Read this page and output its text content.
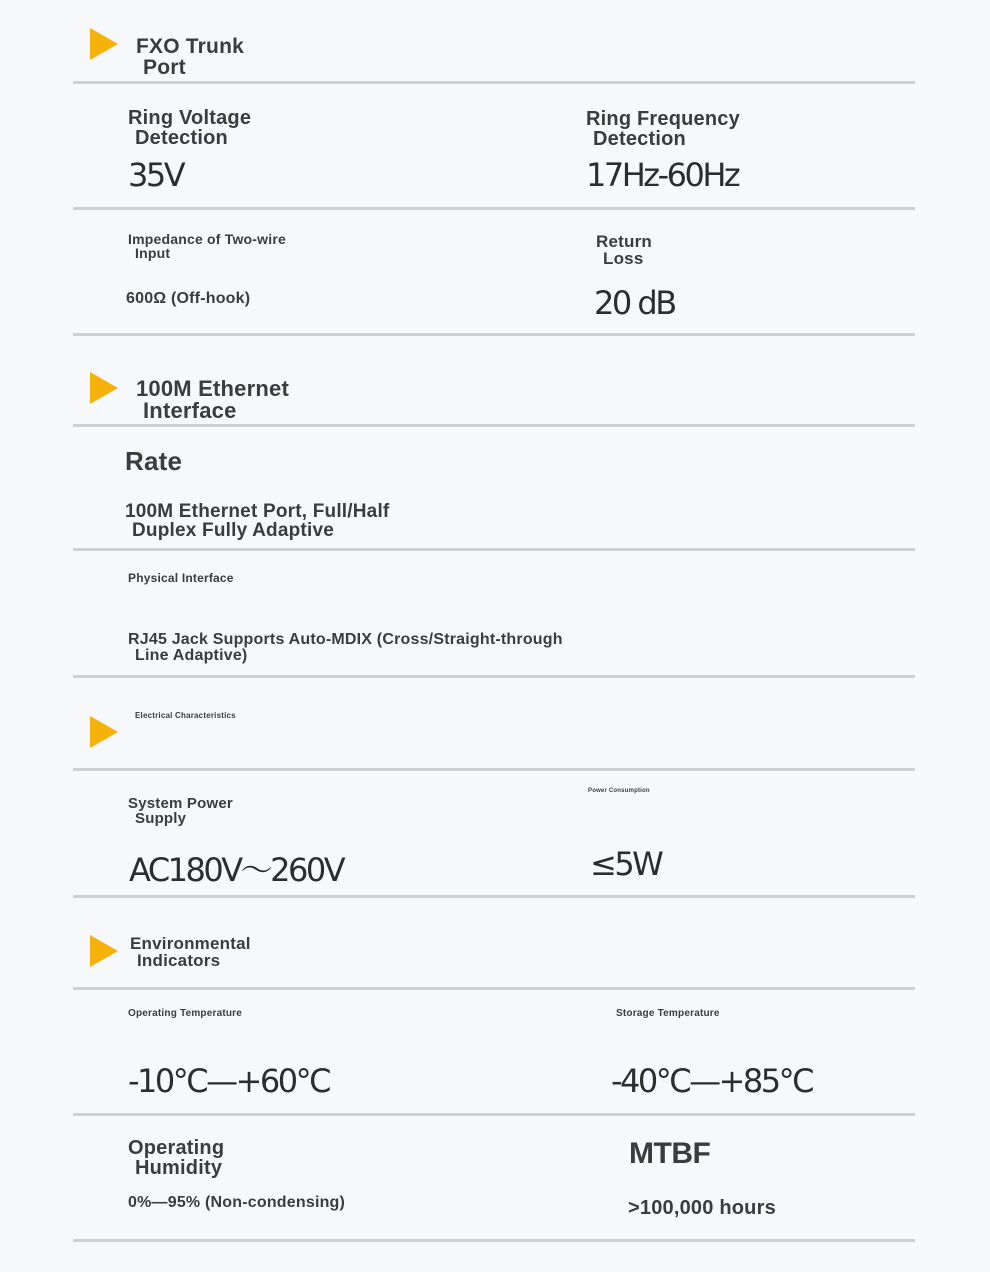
FXO Trunk
Port
Ring Voltage
Detection
35V
Ring Frequency
Detection
17Hz-60Hz
Impedance of Two-wire
Input
600Ω (Off-hook)
Return
Loss
20 dB
100M Ethernet
Interface
Rate
100M Ethernet Port, Full/Half
Duplex Fully Adaptive
Physical Interface
RJ45 Jack Supports Auto-MDIX (Cross/Straight-through
Line Adaptive)
Electrical Characteristics
System Power
Supply
AC180V～260V
Power Consumption
≤5W
Environmental
Indicators
Operating Temperature
-10°C—+60°C
Storage Temperature
-40°C—+85°C
Operating
Humidity
0%—95% (Non-condensing)
MTBF
>100,000 hours
